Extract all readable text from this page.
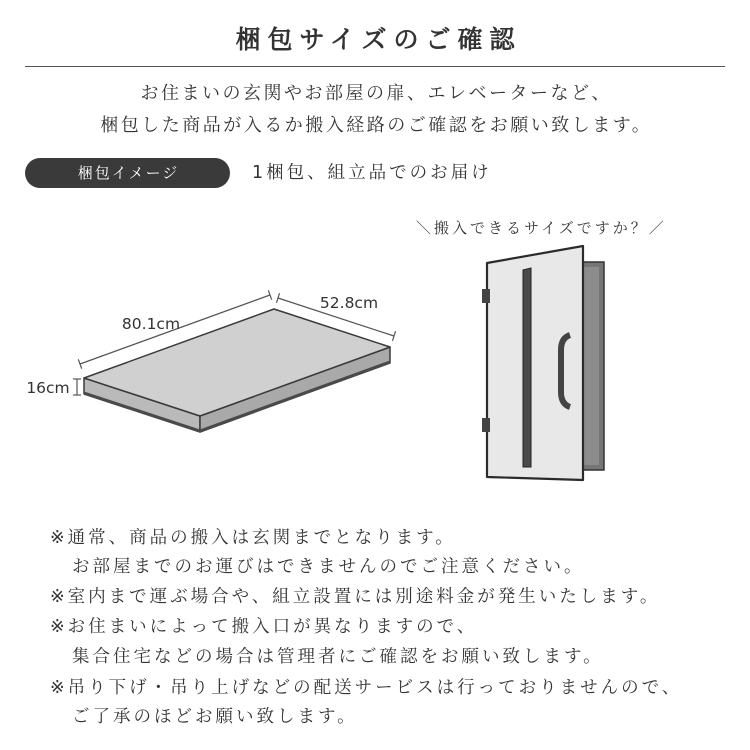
80.1cm
52.8cm
16cm
梱包サイズのご確認
お住まいの玄関やお部屋の扉、エレベーターなど、
梱包した商品が入るか搬入経路のご確認をお願い致します。
梱包イメージ	1梱包、組立品でのお届け
＼搬入できるサイズですか？／
※通常、商品の搬入は玄関までとなります。
お部屋までのお運びはできませんのでご注意ください。
※室内まで運ぶ場合や、組立設置には別途料金が発生いたします。
※お住まいによって搬入口が異なりますので、
集合住宅などの場合は管理者にご確認をお願い致します。
※吊り下げ・吊り上げなどの配送サービスは行っておりませんので、
ご了承のほどお願い致します。
